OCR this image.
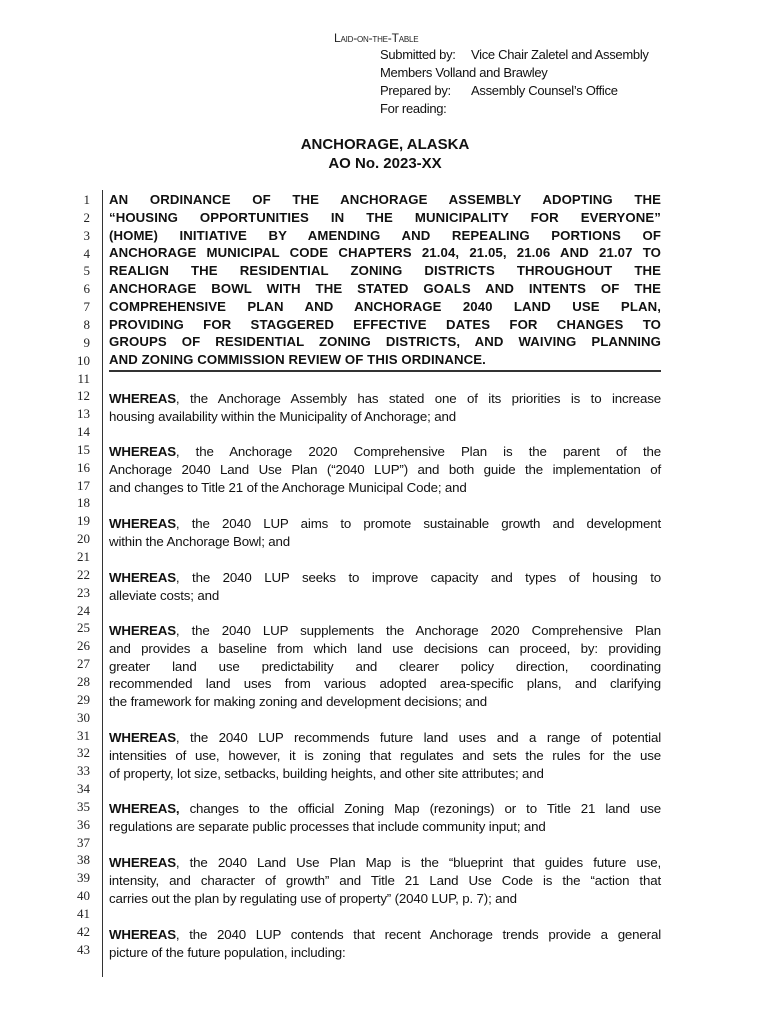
Laid-on-the-Table
Submitted by: Vice Chair Zaletel and Assembly
Members Volland and Brawley
Prepared by: Assembly Counsel’s Office
For reading:
ANCHORAGE, ALASKA
AO No. 2023-XX
1
2
3
4
5
6
7
8
9
10
11
12
13
14
15
16
17
18
19
20
21
22
23
24
25
26
27
28
29
30
31
32
33
34
35
36
37
38
39
40
41
42
43
AN ORDINANCE OF THE ANCHORAGE ASSEMBLY ADOPTING THE
“HOUSING OPPORTUNITIES IN THE MUNICIPALITY FOR EVERYONE”
(HOME) INITIATIVE BY AMENDING AND REPEALING PORTIONS OF
ANCHORAGE MUNICIPAL CODE CHAPTERS 21.04, 21.05, 21.06 AND 21.07 TO
REALIGN THE RESIDENTIAL ZONING DISTRICTS THROUGHOUT THE
ANCHORAGE BOWL WITH THE STATED GOALS AND INTENTS OF THE
COMPREHENSIVE PLAN AND ANCHORAGE 2040 LAND USE PLAN,
PROVIDING FOR STAGGERED EFFECTIVE DATES FOR CHANGES TO
GROUPS OF RESIDENTIAL ZONING DISTRICTS, AND WAIVING PLANNING
AND ZONING COMMISSION REVIEW OF THIS ORDINANCE.
WHEREAS, the Anchorage Assembly has stated one of its priorities is to increase
housing availability within the Municipality of Anchorage; and
WHEREAS, the Anchorage 2020 Comprehensive Plan is the parent of the
Anchorage 2040 Land Use Plan (“2040 LUP”) and both guide the implementation of
and changes to Title 21 of the Anchorage Municipal Code; and
WHEREAS, the 2040 LUP aims to promote sustainable growth and development
within the Anchorage Bowl; and
WHEREAS, the 2040 LUP seeks to improve capacity and types of housing to
alleviate costs; and
WHEREAS, the 2040 LUP supplements the Anchorage 2020 Comprehensive Plan
and provides a baseline from which land use decisions can proceed, by: providing
greater land use predictability and clearer policy direction, coordinating
recommended land uses from various adopted area-specific plans, and clarifying
the framework for making zoning and development decisions; and
WHEREAS, the 2040 LUP recommends future land uses and a range of potential
intensities of use, however, it is zoning that regulates and sets the rules for the use
of property, lot size, setbacks, building heights, and other site attributes; and
WHEREAS, changes to the official Zoning Map (rezonings) or to Title 21 land use
regulations are separate public processes that include community input; and
WHEREAS, the 2040 Land Use Plan Map is the “blueprint that guides future use,
intensity, and character of growth” and Title 21 Land Use Code is the “action that
carries out the plan by regulating use of property” (2040 LUP, p. 7); and
WHEREAS, the 2040 LUP contends that recent Anchorage trends provide a general
picture of the future population, including:
